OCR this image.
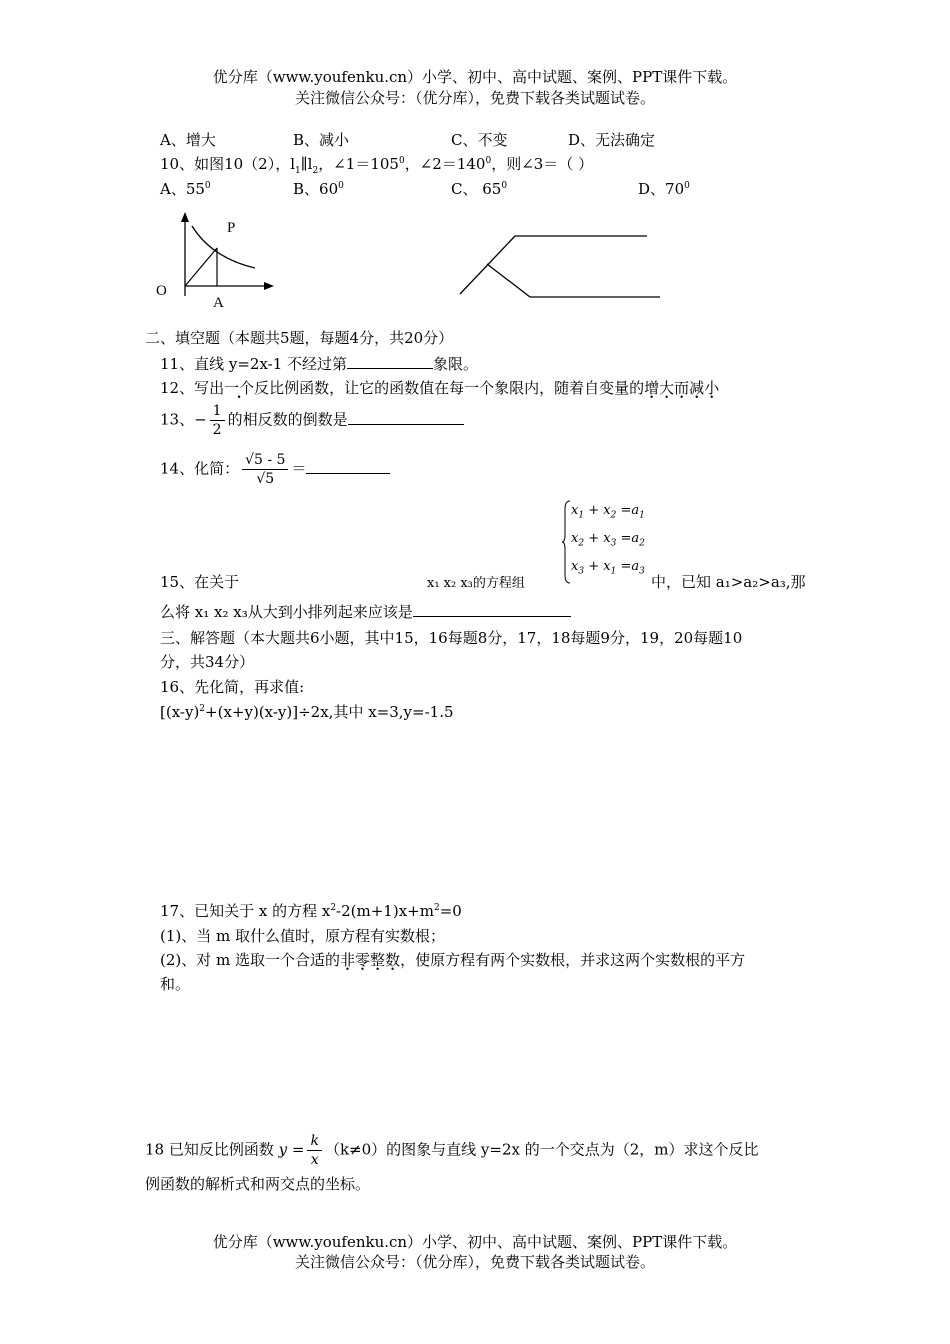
优分库（www.youfenku.cn）小学、初中、高中试题、案例、PPT课件下载。
关注微信公众号：（优分库），免费下载各类试题试卷。
A、增大	B、减小	C、不变	D、无法确定
10、如图10（2），$l_1\parallel l_2$，$\angle 1=105^0$，$\angle 2=140^0$，则∠3＝（ ）
A、$55^0$	B、$60^0$	C、 $65^0$	D、$70^0$
P
O
A
二、填空题（本题共5题，每题4分，共20分）
11、直线 y=2x-1 不经过第	象限。
12、写出一个反比例函数，让它的函数值在每一个象限内，随着自变量的增大而减小
13、− $\frac{1}{2}$ 的相反数的倒数是
14、化简： $\frac{√5 - 5}{√5}$ ＝
15、在关于	x₁ x₂ x₃的方程组
$x_1 + x_2 =a_1$
$x_2 + x_3 =a_2$
$x_3 + x_1 =a_3$
中，已知 a₁>a₂>a₃,那
么将 x₁ x₂ x₃从大到小排列起来应该是
三、解答题（本大题共6小题，其中15，16每题8分，17，18每题9分，19，20每题10
分，共34分）
16、先化简，再求值:
$[(x-y)^2+(x+y)(x-y)]\div 2x$,其中 x=3,y=-1.5
17、已知关于 x 的方程 $x^2-2(m+1)x+m^2=0$
(1)、当 m 取什么值时，原方程有实数根；
(2)、对 m 选取一个合适的非零整数，使原方程有两个实数根，并求这两个实数根的平方
和。
18 已知反比例函数 $y = \frac{k}{x} (k\ne 0)$的图象与直线 y=2x 的一个交点为（2，m）求这个反比
例函数的解析式和两交点的坐标。
优分库（www.youfenku.cn）小学、初中、高中试题、案例、PPT课件下载。
关注微信公众号：（优分库），免费下载各类试题试卷。
